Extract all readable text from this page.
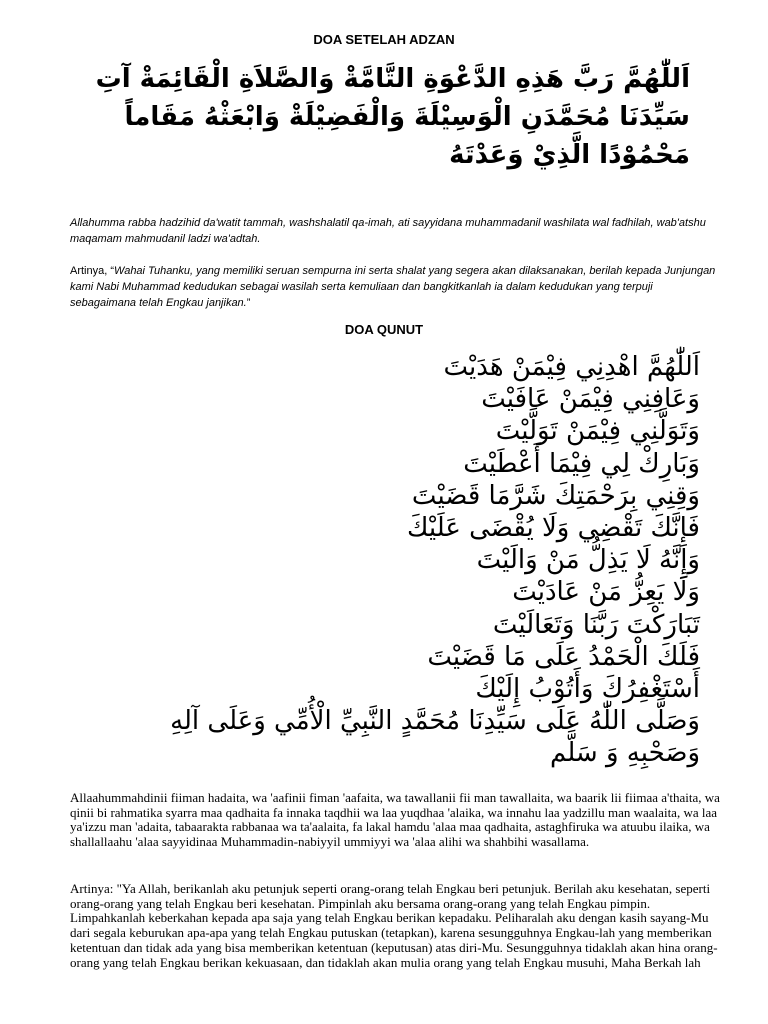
DOA SETELAH ADZAN
اَللّٰهُمَّ رَبَّ هَذِهِ الدَّعْوَةِ التَّامَّةْ وَالصَّلاَةِ الْقَائِمَةْ آتِ سَيِّدَنَا مُحَمَّدَنِ الْوَسِيْلَةَ وَالْفَضِيْلَةْ وَابْعَثْهُ مَقَاماً مَحْمُوْدًا الَّذِيْ وَعَدْتَهُ
Allahumma rabba hadzihid da'watit tammah, washshalatil qa-imah, ati sayyidana muhammadanil washilata wal fadhilah, wab'atshu maqamam mahmudanil ladzi wa'adtah.
Artinya, “Wahai Tuhanku, yang memiliki seruan sempurna ini serta shalat yang segera akan dilaksanakan, berilah kepada Junjungan kami Nabi Muhammad kedudukan sebagai wasilah serta kemuliaan dan bangkitkanlah ia dalam kedudukan yang terpuji sebagaimana telah Engkau janjikan.”
DOA QUNUT
اَللّٰهُمَّ اهْدِنِي فِيْمَنْ هَدَيْتَ
وَعَافِنِي فِيْمَنْ عَافَيْتَ
وَتَوَلَّنِي فِيْمَنْ تَوَلَّيْتَ
وَبَارِكْ لِي فِيْمَا أَعْطَيْتَ
وَقِنِي بِرَحْمَتِكَ شَرَّمَا قَضَيْتَ
فَإِنَّكَ تَقْضِي وَلَا يُقْضَى عَلَيْكَ
وَإِنَّهُ لَا يَذِلُّ مَنْ وَالَيْتَ
وَلَا يَعِزُّ مَنْ عَادَيْتَ
تَبَارَكْتَ رَبَّنَا وَتَعَالَيْتَ
فَلَكَ الْحَمْدُ عَلَى مَا قَضَيْتَ
أَسْتَغْفِرُكَ وَأَتُوْبُ إِلَيْكَ
وَصَلَّى اللّٰهُ عَلَى سَيِّدِنَا مُحَمَّدٍ النَّبِيِّ الْأُمِّي وَعَلَى آلِهِ
وَصَحْبِهِ وَ سَلَّم
Allaahummahdinii fiiman hadaita, wa 'aafinii fiman 'aafaita, wa tawallanii fii man tawallaita, wa baarik lii fiimaa a'thaita, wa qinii bi rahmatika syarra maa qadhaita fa innaka taqdhii wa laa yuqdhaa 'alaika, wa innahu laa yadzillu man waalaita, wa laa ya'izzu man 'adaita, tabaarakta rabbanaa wa ta'aalaita, fa lakal hamdu 'alaa maa qadhaita, astaghfiruka wa atuubu ilaika, wa shallallaahu 'alaa sayyidinaa Muhammadin-nabiyyil ummiyyi wa 'alaa alihi wa shahbihi wasallama.
Artinya: "Ya Allah, berikanlah aku petunjuk seperti orang-orang telah Engkau beri petunjuk. Berilah aku kesehatan, seperti orang-orang yang telah Engkau beri kesehatan. Pimpinlah aku bersama orang-orang yang telah Engkau pimpin. Limpahkanlah keberkahan kepada apa saja yang telah Engkau berikan kepadaku. Peliharalah aku dengan kasih sayang-Mu dari segala keburukan apa-apa yang telah Engkau putuskan (tetapkan), karena sesungguhnya Engkau-lah yang memberikan ketentuan dan tidak ada yang bisa memberikan ketentuan (keputusan) atas diri-Mu. Sesungguhnya tidaklah akan hina orang-orang yang telah Engkau berikan kekuasaan, dan tidaklah akan mulia orang yang telah Engkau musuhi, Maha Berkah lah
